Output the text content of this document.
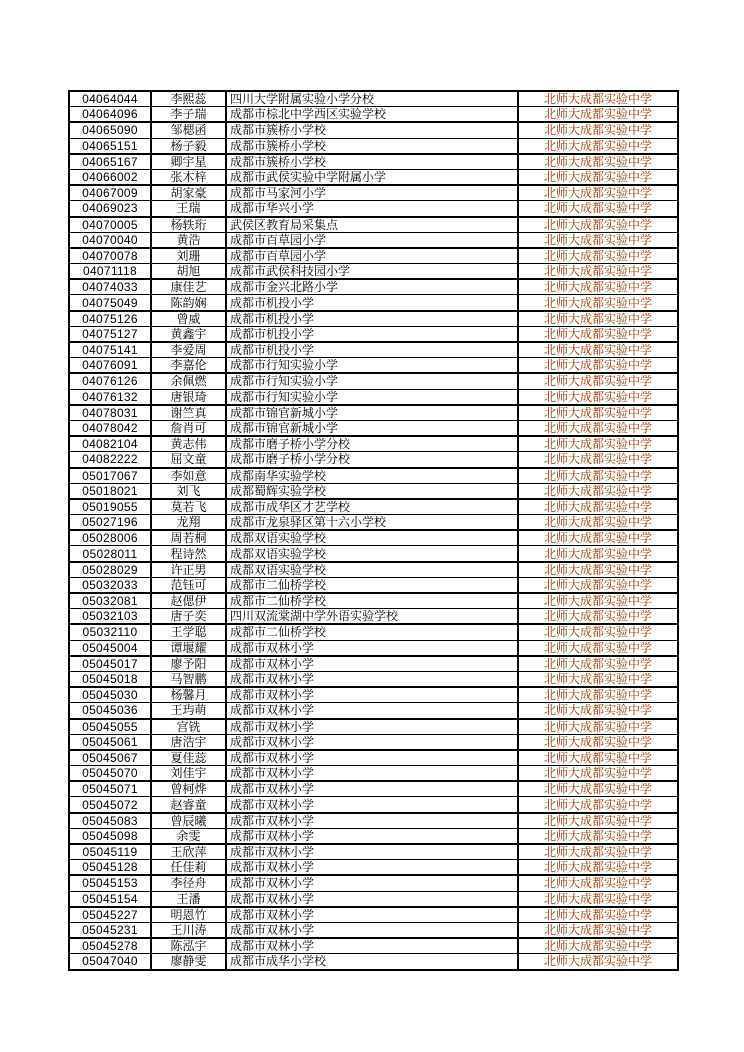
04064044	李熙蕊	四川大学附属实验小学分校	北师大成都实验中学
04064096	李子瑞	成都市棕北中学西区实验学校	北师大成都实验中学
04065090	邹楒函	成都市簇桥小学校	北师大成都实验中学
04065151	杨子毅	成都市簇桥小学校	北师大成都实验中学
04065167	卿宇星	成都市簇桥小学校	北师大成都实验中学
04066002	张木梓	成都市武侯实验中学附属小学	北师大成都实验中学
04067009	胡家豪	成都市马家河小学	北师大成都实验中学
04069023	王瑞	成都市华兴小学	北师大成都实验中学
04070005	杨轶珩	武侯区教育局采集点	北师大成都实验中学
04070040	黄浩	成都市百草园小学	北师大成都实验中学
04070078	刘珊	成都市百草园小学	北师大成都实验中学
04071118	胡旭	成都市武侯科技园小学	北师大成都实验中学
04074033	康佳艺	成都市金兴北路小学	北师大成都实验中学
04075049	陈韵娴	成都市机投小学	北师大成都实验中学
04075126	曾威	成都市机投小学	北师大成都实验中学
04075127	黄鑫宇	成都市机投小学	北师大成都实验中学
04075141	李爱周	成都市机投小学	北师大成都实验中学
04076091	李嘉伦	成都市行知实验小学	北师大成都实验中学
04076126	余佩燃	成都市行知实验小学	北师大成都实验中学
04076132	唐银琦	成都市行知实验小学	北师大成都实验中学
04078031	谢竺真	成都市锦官新城小学	北师大成都实验中学
04078042	詹肖可	成都市锦官新城小学	北师大成都实验中学
04082104	黄志伟	成都市磨子桥小学分校	北师大成都实验中学
04082222	屈文童	成都市磨子桥小学分校	北师大成都实验中学
05017067	李如意	成都南华实验学校	北师大成都实验中学
05018021	刘飞	成都蜀辉实验学校	北师大成都实验中学
05019055	莫若飞	成都市成华区才艺学校	北师大成都实验中学
05027196	龙翔	成都市龙泉驿区第十六小学校	北师大成都实验中学
05028006	周若桐	成都双语实验学校	北师大成都实验中学
05028011	程诗然	成都双语实验学校	北师大成都实验中学
05028029	许正男	成都双语实验学校	北师大成都实验中学
05032033	范钰可	成都市二仙桥学校	北师大成都实验中学
05032081	赵偲伊	成都市二仙桥学校	北师大成都实验中学
05032103	唐子奕	四川双流棠湖中学外语实验学校	北师大成都实验中学
05032110	王学聪	成都市二仙桥学校	北师大成都实验中学
05045004	谭堰耀	成都市双林小学	北师大成都实验中学
05045017	廖予阳	成都市双林小学	北师大成都实验中学
05045018	马智鹏	成都市双林小学	北师大成都实验中学
05045030	杨馨月	成都市双林小学	北师大成都实验中学
05045036	王玙萌	成都市双林小学	北师大成都实验中学
05045055	宫铣	成都市双林小学	北师大成都实验中学
05045061	唐浩宇	成都市双林小学	北师大成都实验中学
05045067	夏佳蕊	成都市双林小学	北师大成都实验中学
05045070	刘佳宇	成都市双林小学	北师大成都实验中学
05045071	曾柯烨	成都市双林小学	北师大成都实验中学
05045072	赵睿童	成都市双林小学	北师大成都实验中学
05045083	曾辰曦	成都市双林小学	北师大成都实验中学
05045098	余雯	成都市双林小学	北师大成都实验中学
05045119	王欣萍	成都市双林小学	北师大成都实验中学
05045128	任佳莉	成都市双林小学	北师大成都实验中学
05045153	李径舟	成都市双林小学	北师大成都实验中学
05045154	王潘	成都市双林小学	北师大成都实验中学
05045227	明恩竹	成都市双林小学	北师大成都实验中学
05045231	王川涛	成都市双林小学	北师大成都实验中学
05045278	陈泓宇	成都市双林小学	北师大成都实验中学
05047040	廖静雯	成都市成华小学校	北师大成都实验中学
